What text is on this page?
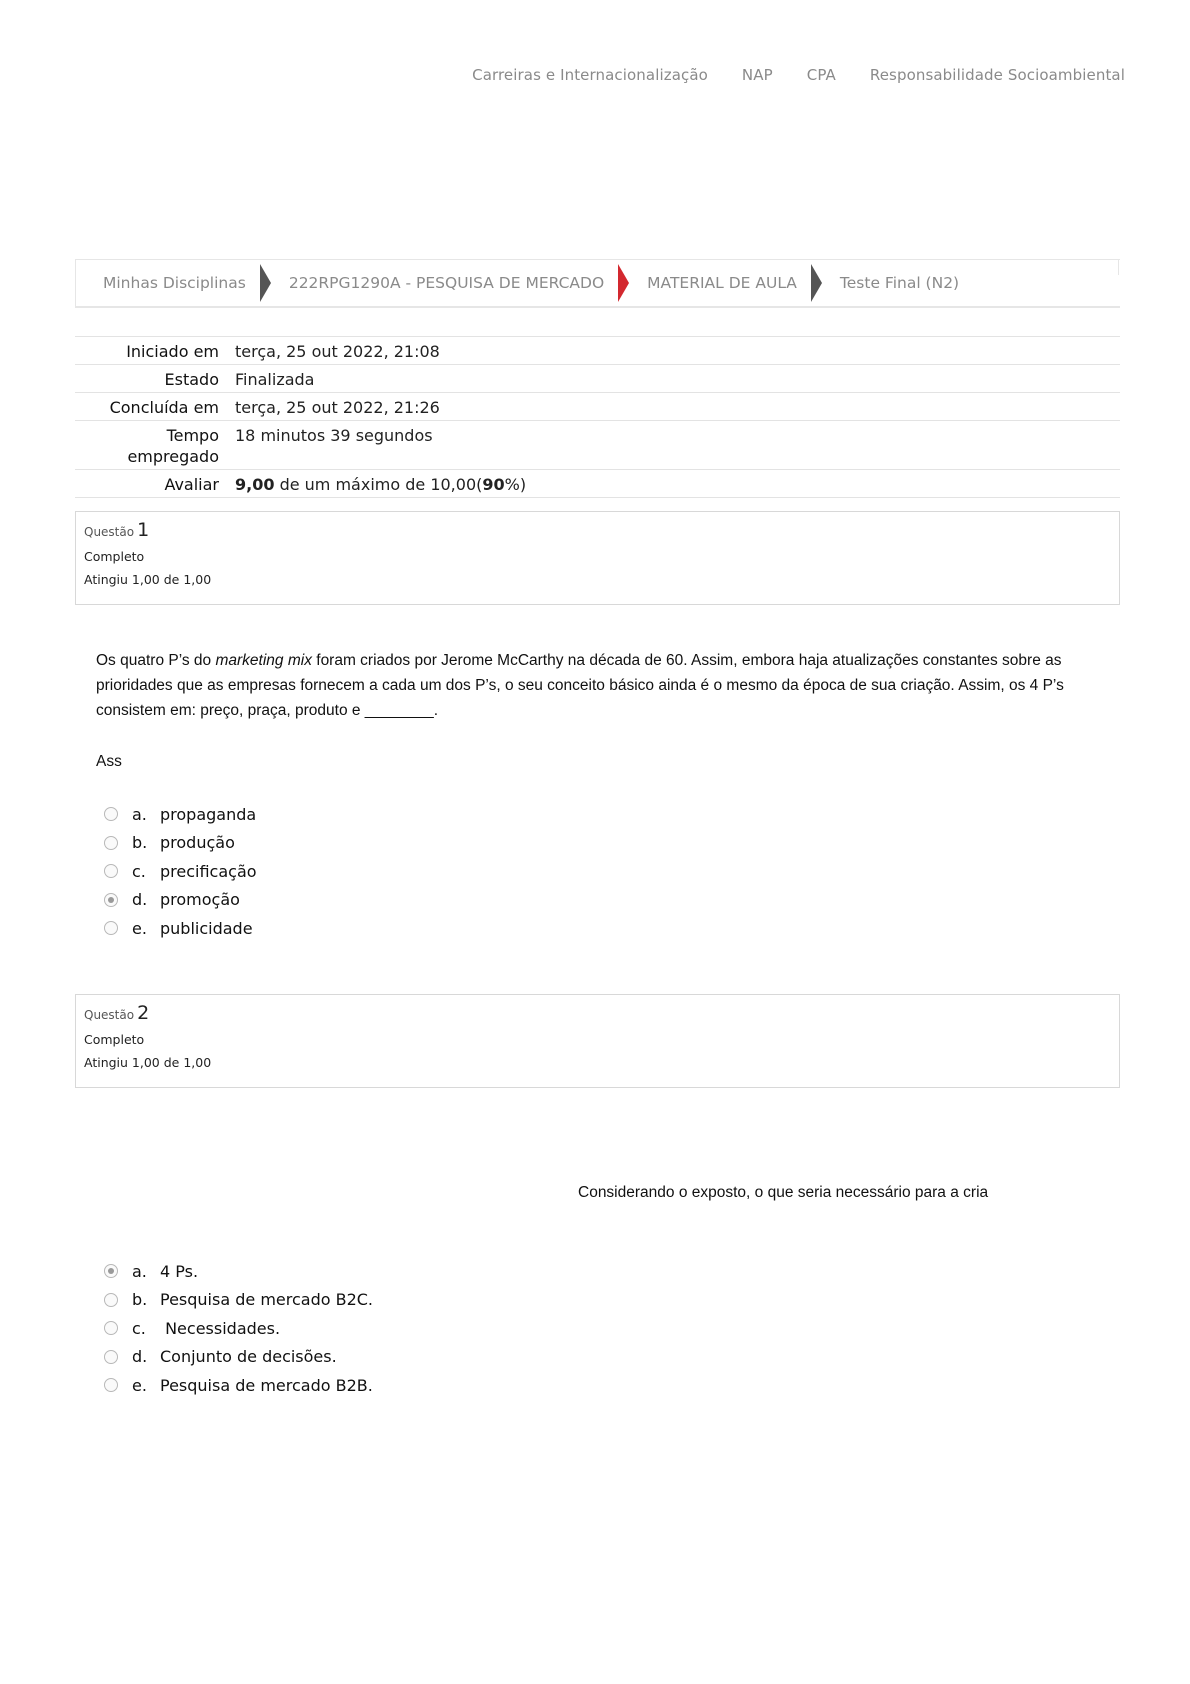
Carreiras e Internacionalização NAP CPA Responsabilidade Socioambiental
Minhas Disciplinas	222RPG1290A - PESQUISA DE MERCADO	MATERIAL DE AULA	Teste Final (N2)
Iniciado em	terça, 25 out 2022, 21:08
Estado	Finalizada
Concluída em	terça, 25 out 2022, 21:26
Tempo
empregado	18 minutos 39 segundos
Avaliar	9,00 de um máximo de 10,00(90%)
Questão 1
Completo
Atingiu 1,00 de 1,00

Os quatro P’s do marketing mix foram criados por Jerome McCarthy na década de 60. Assim, embora haja atualizações constantes sobre as prioridades que as empresas fornecem a cada um dos P’s, o seu conceito básico ainda é o mesmo da época de sua criação. Assim, os 4 P’s consistem em: preço, praça, produto e ________.

Ass

a. propaganda
b. produção
c. precificação
d. promoção
e. publicidade
Questão 2
Completo
Atingiu 1,00 de 1,00

Considerando o exposto, o que seria necessário para a cria

a. 4 Ps.
b. Pesquisa de mercado B2C.
c. Necessidades.
d. Conjunto de decisões.
e. Pesquisa de mercado B2B.
